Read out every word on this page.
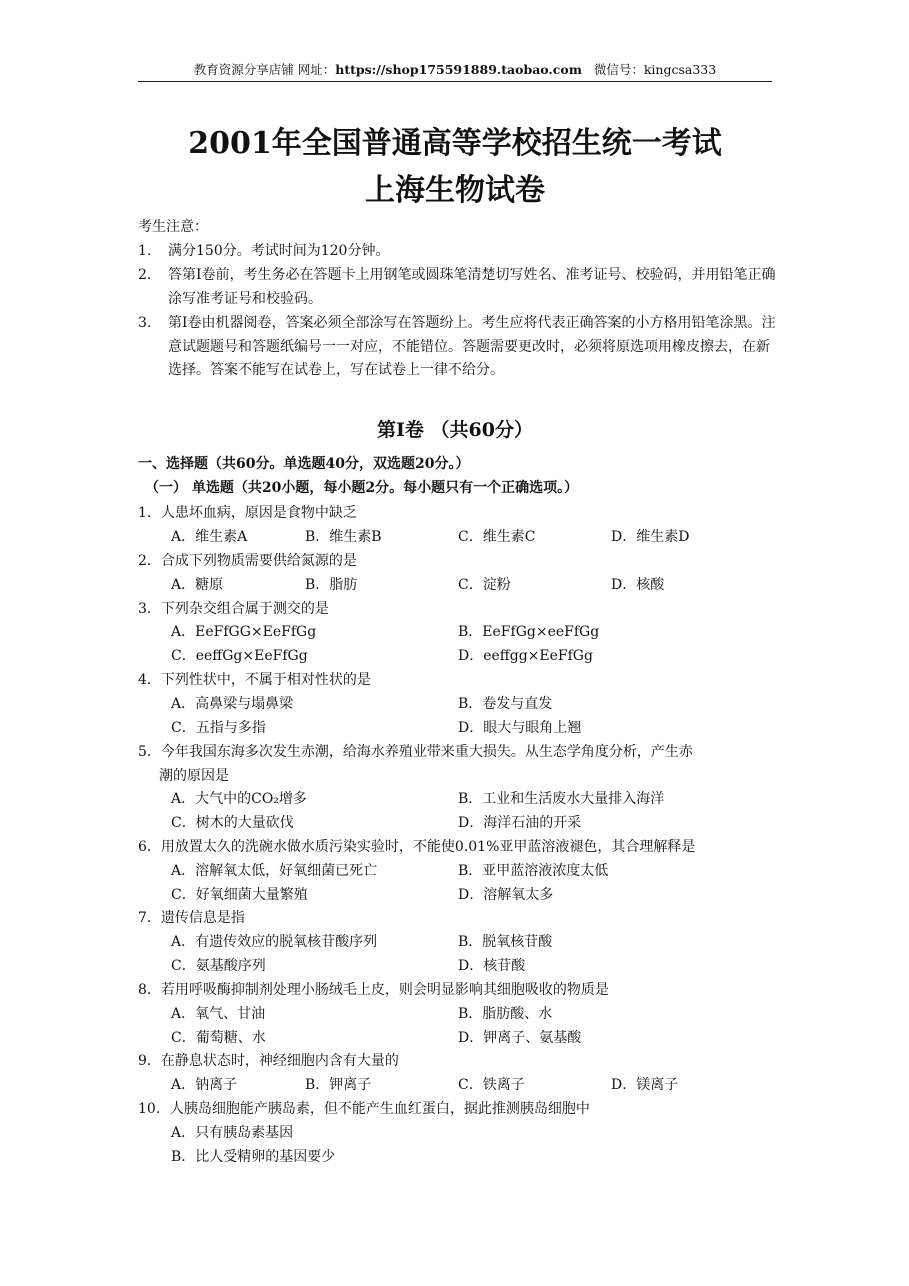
教育资源分享店铺 网址：https://shop175591889.taobao.com 微信号：kingcsa333
2001年全国普通高等学校招生统一考试
上海生物试卷
考生注意：
1.	满分150分。考试时间为120分钟。
2.	答第Ⅰ卷前，考生务必在答题卡上用钢笔或圆珠笔清楚切写姓名、准考证号、校验码，并用铅笔正确涂写准考证号和校验码。
3.	第Ⅰ卷由机器阅卷，答案必须全部涂写在答题纷上。考生应将代表正确答案的小方格用铅笔涂黑。注意试题题号和答题纸编号一一对应，不能错位。答题需要更改时，必须将原选项用橡皮擦去，在新选择。答案不能写在试卷上，写在试卷上一律不给分。
第Ⅰ卷 （共60分）
一、选择题（共60分。单选题40分，双选题20分。）
（一） 单选题（共20小题，每小题2分。每小题只有一个正确选项。）
1．人患坏血病，原因是食物中缺乏
A．维生素A	B．维生素B	C．维生素C	D．维生素D
2．合成下列物质需要供给氮源的是
A．糖原	B．脂肪	C．淀粉	D．核酸
3．下列杂交组合属于测交的是
A．EeFfGG×EeFfGg	B．EeFfGg×eeFfGg
C．eeffGg×EeFfGg	D．eeffgg×EeFfGg
4．下列性状中，不属于相对性状的是
A．高鼻梁与塌鼻梁	B．卷发与直发
C．五指与多指	D．眼大与眼角上翘
5．今年我国东海多次发生赤潮，给海水养殖业带来重大损失。从生态学角度分析，产生赤
潮的原因是
A．大气中的CO₂增多	B．工业和生活废水大量排入海洋
C．树木的大量砍伐	D．海洋石油的开采
6．用放置太久的洗碗水做水质污染实验时，不能使0.01%亚甲蓝溶液褪色，其合理解释是
A．溶解氧太低，好氧细菌已死亡	B．亚甲蓝溶液浓度太低
C．好氧细菌大量繁殖	D．溶解氧太多
7．遗传信息是指
A．有遗传效应的脱氧核苷酸序列	B．脱氧核苷酸
C．氨基酸序列	D．核苷酸
8．若用呼吸酶抑制剂处理小肠绒毛上皮，则会明显影响其细胞吸收的物质是
A．氧气、甘油	B．脂肪酸、水
C．葡萄糖、水	D．钾离子、氨基酸
9．在静息状态时，神经细胞内含有大量的
A．钠离子	B．钾离子	C．铁离子	D．镁离子
10．人胰岛细胞能产胰岛素，但不能产生血红蛋白，据此推测胰岛细胞中
A．只有胰岛素基因
B．比人受精卵的基因要少
